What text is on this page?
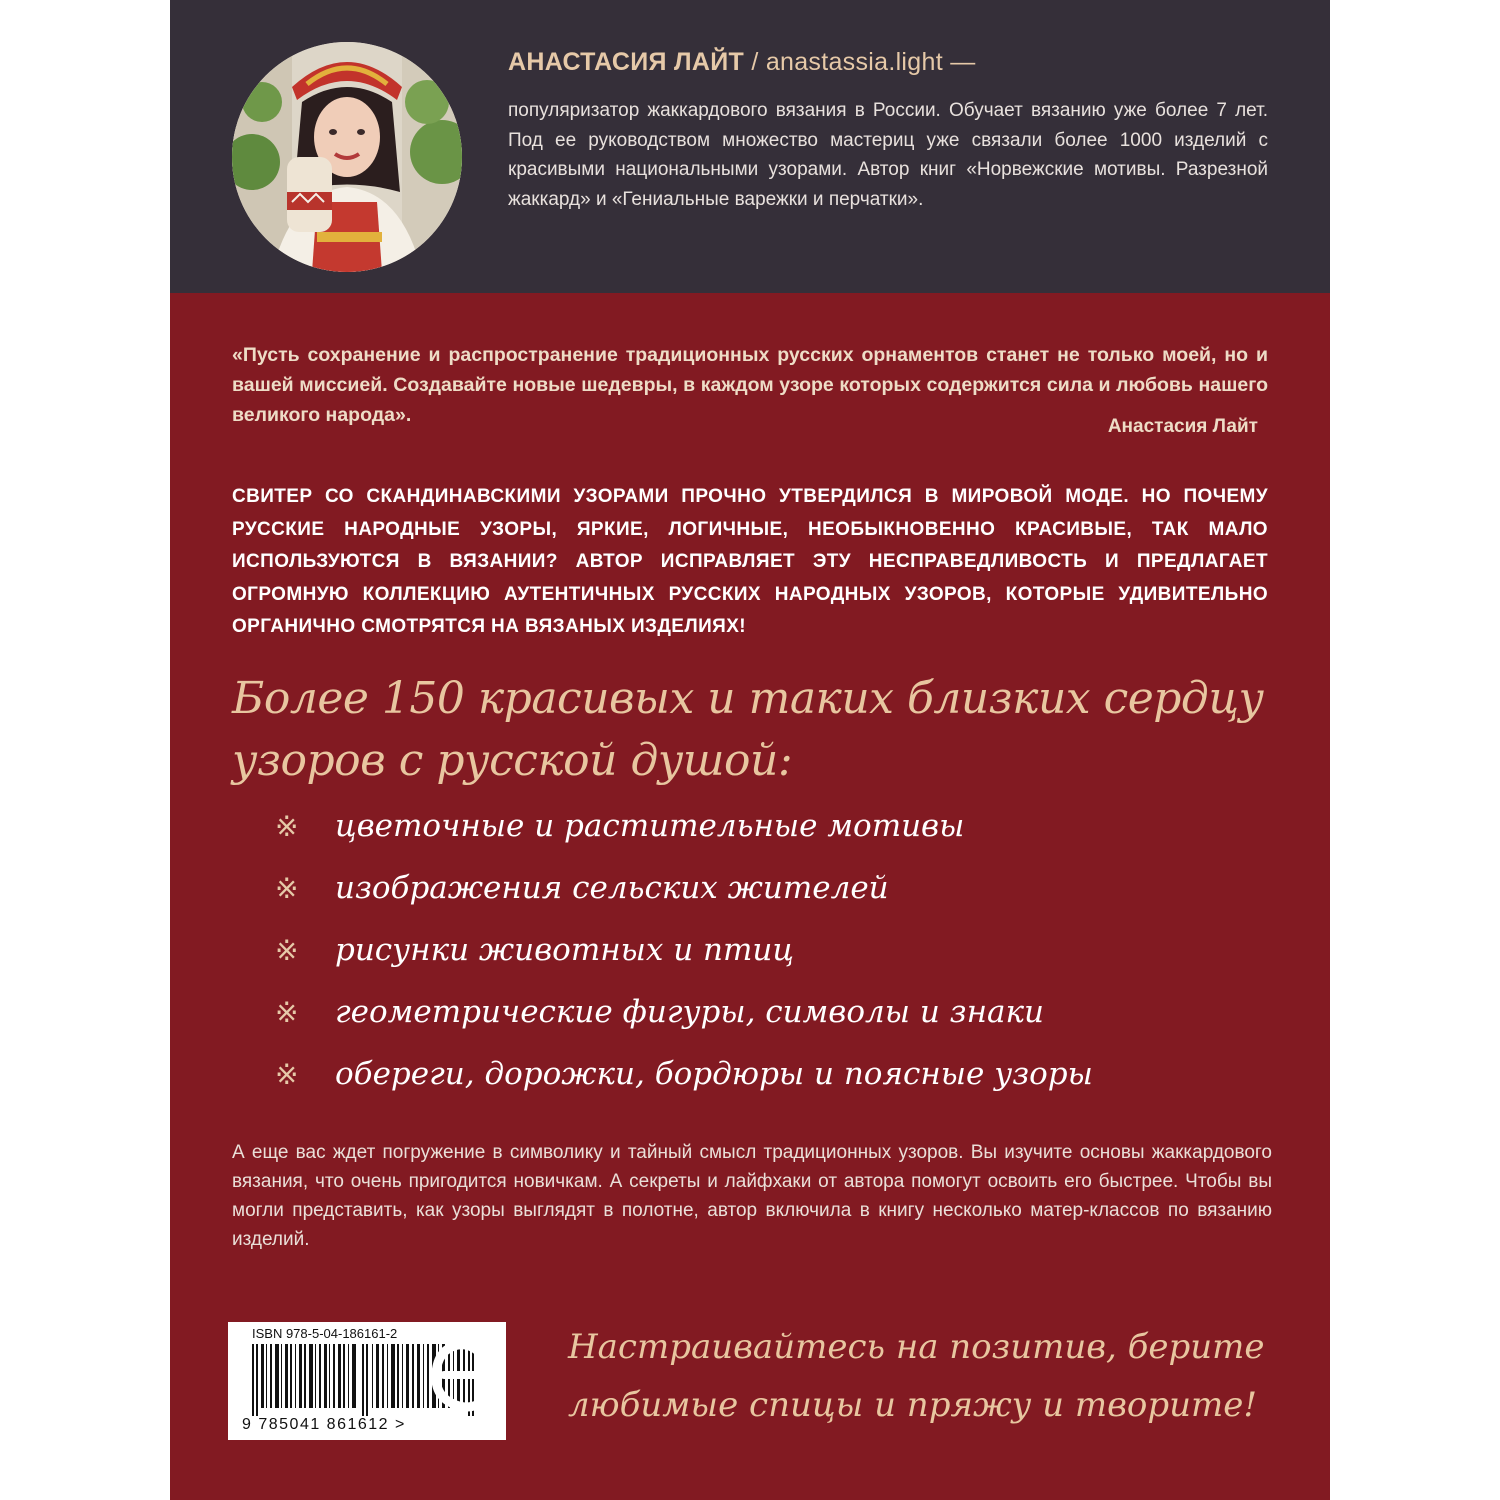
АНАСТАСИЯ ЛАЙТ / anastassia.light —
популяризатор жаккардового вязания в России. Обучает вязанию уже более 7 лет. Под ее руководством множество мастериц уже связали более 1000 изделий с красивыми национальными узорами. Автор книг «Норвежские мотивы. Разрезной жаккард» и «Гениальные варежки и перчатки».
«Пусть сохранение и распространение традиционных русских орнаментов станет не только моей, но и вашей миссией. Создавайте новые шедевры, в каждом узоре которых содержится сила и любовь нашего великого народа».
Анастасия Лайт
СВИТЕР СО СКАНДИНАВСКИМИ УЗОРАМИ ПРОЧНО УТВЕРДИЛСЯ В МИРОВОЙ МОДЕ. НО ПОЧЕМУ РУССКИЕ НАРОДНЫЕ УЗОРЫ, ЯРКИЕ, ЛОГИЧНЫЕ, НЕОБЫКНОВЕННО КРАСИВЫЕ, ТАК МАЛО ИСПОЛЬЗУЮТСЯ В ВЯЗАНИИ? АВТОР ИСПРАВЛЯЕТ ЭТУ НЕСПРАВЕДЛИВОСТЬ И ПРЕДЛАГАЕТ ОГРОМНУЮ КОЛЛЕКЦИЮ АУТЕНТИЧНЫХ РУССКИХ НАРОДНЫХ УЗОРОВ, КОТОРЫЕ УДИВИТЕЛЬНО ОРГАНИЧНО СМОТРЯТСЯ НА ВЯЗАНЫХ ИЗДЕЛИЯХ!
Более 150 красивых и таких близких сердцу узоров с русской душой:
※	цветочные и растительные мотивы
※	изображения сельских жителей
※	рисунки животных и птиц
※	геометрические фигуры, символы и знаки
※	обереги, дорожки, бордюры и поясные узоры
А еще вас ждет погружение в символику и тайный смысл традиционных узоров. Вы изучите основы жаккардового вязания, что очень пригодится новичкам. А секреты и лайфхаки от автора помогут освоить его быстрее. Чтобы вы могли представить, как узоры выглядят в полотне, автор включила в книгу несколько матер-классов по вязанию изделий.
ISBN 978-5-04-186161-2
9 785041 861612 >
Настраивайтесь на позитив, берите любимые спицы и пряжу и творите!
